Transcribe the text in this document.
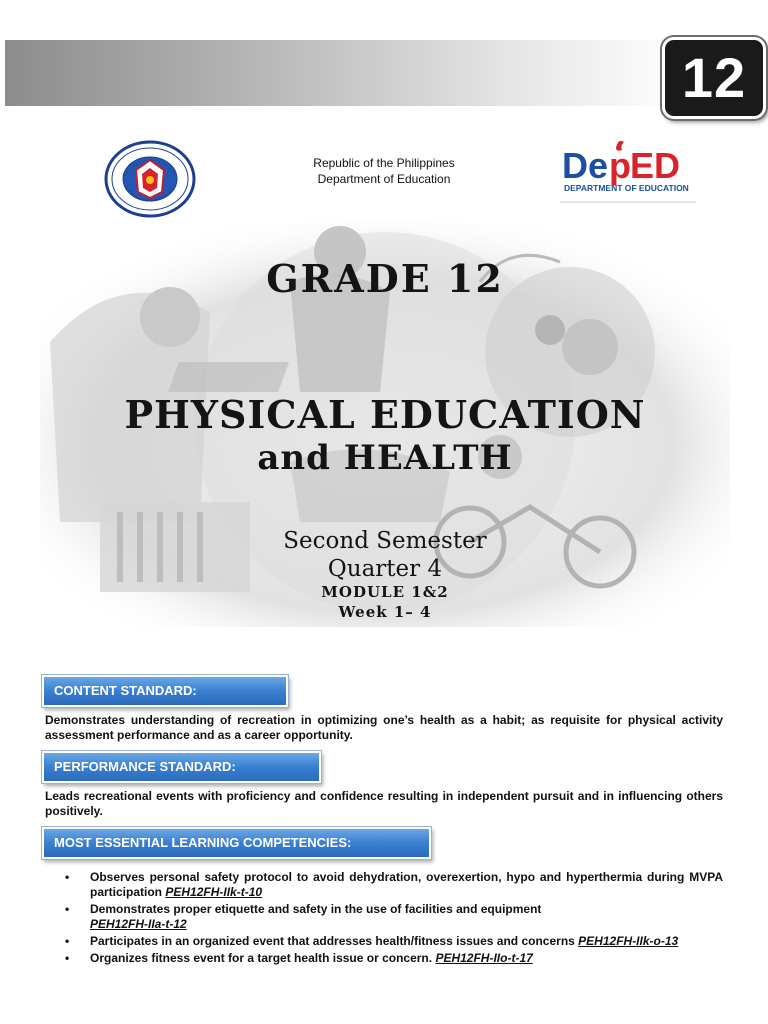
12
Republic of the Philippines
Department of Education	De p ED
DEPARTMENT OF EDUCATION
GRADE 12
PHYSICAL EDUCATION
and HEALTH
Second Semester
Quarter 4
MODULE 1&2
Week 1– 4
CONTENT STANDARD:
Demonstrates understanding of recreation in optimizing one’s health as a habit; as requisite for physical activity assessment performance and as a career opportunity.
PERFORMANCE STANDARD:
Leads recreational events with proficiency and confidence resulting in independent pursuit and in influencing others positively.
MOST ESSENTIAL LEARNING COMPETENCIES:
• Observes personal safety protocol to avoid dehydration, overexertion, hypo and hyperthermia during MVPA participation PEH12FH-IIk-t-10
• Demonstrates proper etiquette and safety in the use of facilities and equipment
PEH12FH-IIa-t-12
• Participates in an organized event that addresses health/fitness issues and concerns PEH12FH-IIk-o-13
• Organizes fitness event for a target health issue or concern. PEH12FH-IIo-t-17
